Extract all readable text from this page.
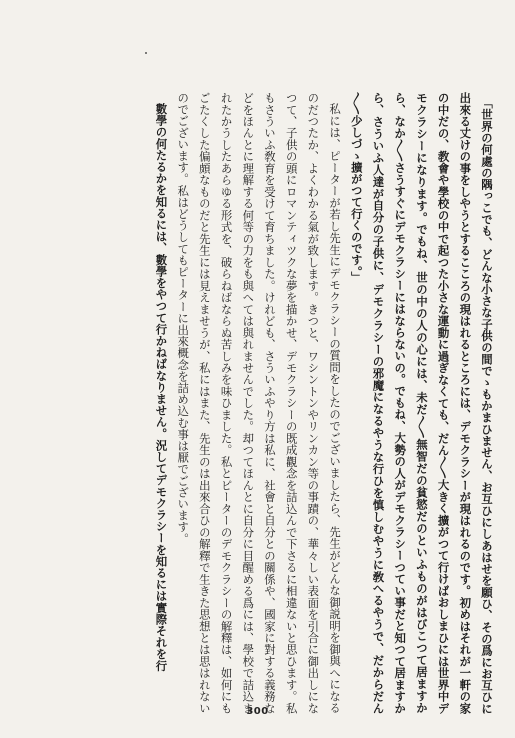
「世界の何處の隅っこでも、どんな小さな子供の間でゝもかまひません、お互ひにしあはせを願ひ、その爲にお互ひに出來る丈けの事をしやうとするこころの現はれるところには、デモクラシーが現はれるのです。初めはそれが一軒の家の中だの、教會や學校の中で起つた小さな運動に過ぎなくても、だん〳〵大きく擴がつて行けばおしまひには世界中デモクラシーになります。でもね、世の中の人の心には、未だ〳〵無智だの貧慾だのといふものがはびこつて居ますから、なか〳〵さうすぐにデモクラシーにはならないの。でもね、大勢の人がデモクラシーつてい事だと知つて居ますから、さういふ人達が自分の子供に、デモクラシーの邪魔になるやうな行ひを慎しむやうに敎へるやうで、だからだん〳〵少しづゝ擴がつて行くのです。」

私には、ピーターが若し先生にデモクラシーの質問をしたのでございましたら、先生がどんな御説明を御與へになるのだつたか、よくわかる氣が致します。きつと、ワシントンやリンカン等の事蹟の、華々しい表面を引合に御出しになつて、子供の頭にロマンティツクな夢を描かせ、デモクラシーの既成觀念を詰込んで下さるに相違ないと思ひます。私もさういふ敎育を受けて育ちました。けれども、さういふやり方は私に、社會と自分との關係や、國家に對する義務などをほんとに理解する何等の力をも與へては與れませんでした。却つてほんとに自分に目醒める爲には、學校で詰込まれたかうしたあらゆる形式を、破らねばならぬ苦しみを味ひました。私とピーターのデモクラシーの解釋は、如何にもごたくした偏頗なものだと先生には見えませうが、私にはまた、先生のは出來合ひの解釋で生きた思想とは思はれないのでございます。私はどうしてもピーターに出來概念を詰め込む事は厭でございます。

數學の何たるかを知るには、數學をやつて行かねばなりません。況してデモクラシーを知るには實際それを行

300
